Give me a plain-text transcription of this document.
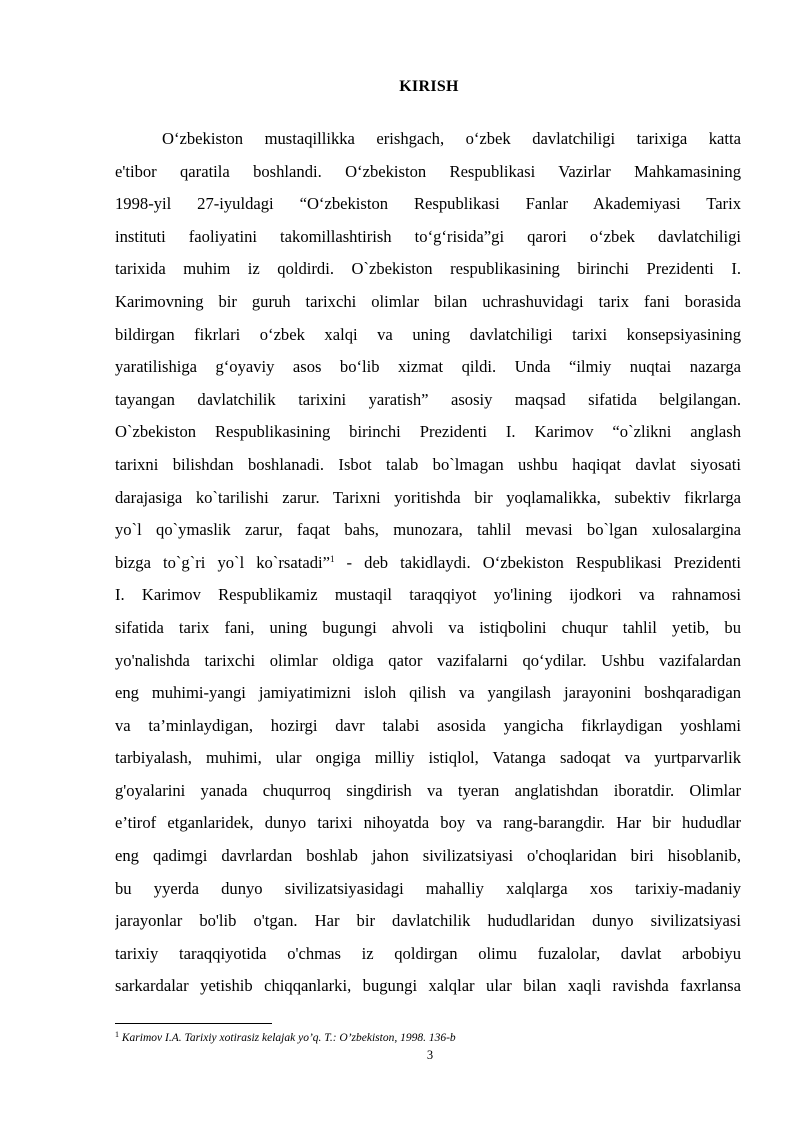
KIRISH
O‘zbekiston mustaqillikka erishgach, o‘zbek davlatchiligi tarixiga katta
e'tibor qaratila boshlandi. O‘zbekiston Respublikasi Vazirlar Mahkamasining
1998-yil 27-iyuldagi “O‘zbekiston Respublikasi Fanlar Akademiyasi Tarix
instituti faoliyatini takomillashtirish to‘g‘risida”gi qarori o‘zbek davlatchiligi
tarixida muhim iz qoldirdi. O`zbekiston respublikasining birinchi Prezidenti I.
Karimovning bir guruh tarixchi olimlar bilan uchrashuvidagi tarix fani borasida
bildirgan fikrlari o‘zbek xalqi va uning davlatchiligi tarixi konsepsiyasining
yaratilishiga g‘oyaviy asos bo‘lib xizmat qildi. Unda “ilmiy nuqtai nazarga
tayangan davlatchilik tarixini yaratish” asosiy maqsad sifatida belgilangan.
O`zbekiston Respublikasining birinchi Prezidenti I. Karimov “o`zlikni anglash
tarixni bilishdan boshlanadi. Isbot talab bo`lmagan ushbu haqiqat davlat siyosati
darajasiga ko`tarilishi zarur. Tarixni yoritishda bir yoqlamalikka, subektiv fikrlarga
yo`l qo`ymaslik zarur, faqat bahs, munozara, tahlil mevasi bo`lgan xulosalargina
bizga to`g`ri yo`l ko`rsatadi”$^1$ - deb takidlaydi. O‘zbekiston Respublikasi Prezidenti
I. Karimov Respublikamiz mustaqil taraqqiyot yo'lining ijodkori va rahnamosi
sifatida tarix fani, uning bugungi ahvoli va istiqbolini chuqur tahlil yetib, bu
yo'nalishda tarixchi olimlar oldiga qator vazifalarni qo‘ydilar. Ushbu vazifalardan
eng muhimi-yangi jamiyatimizni isloh qilish va yangilash jarayonini boshqaradigan
va ta’minlaydigan, hozirgi davr talabi asosida yangicha fikrlaydigan yoshlami
tarbiyalash, muhimi, ular ongiga milliy istiqlol, Vatanga sadoqat va yurtparvarlik
g'oyalarini yanada chuqurroq singdirish va tyeran anglatishdan iboratdir. Olimlar
e’tirof etganlaridek, dunyo tarixi nihoyatda boy va rang-barangdir. Har bir hududlar
eng qadimgi davrlardan boshlab jahon sivilizatsiyasi o'choqlaridan biri hisoblanib,
bu yyerda dunyo sivilizatsiyasidagi mahalliy xalqlarga xos tarixiy-madaniy
jarayonlar bo'lib o'tgan. Har bir davlatchilik hududlaridan dunyo sivilizatsiyasi
tarixiy taraqqiyotida o'chmas iz qoldirgan olimu fuzalolar, davlat arbobiyu
sarkardalar yetishib chiqqanlarki, bugungi xalqlar ular bilan xaqli ravishda faxrlansa
$^1$ Karimov I.A. Tarixiy xotirasiz kelajak yo’q. T.: O’zbekiston, 1998. 136-b
3
